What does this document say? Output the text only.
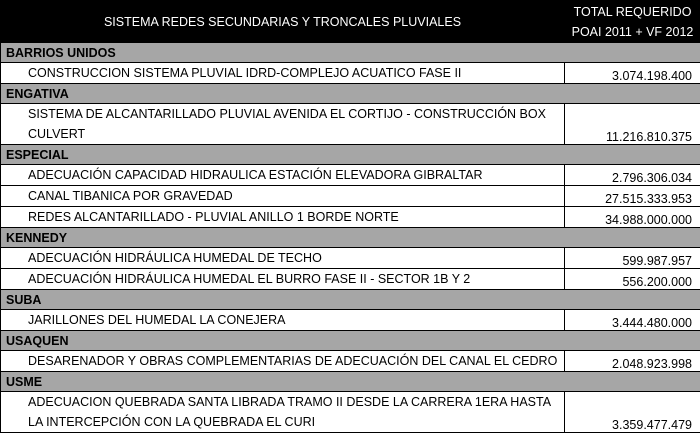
SISTEMA REDES SECUNDARIAS Y TRONCALES PLUVIALES	TOTAL REQUERIDO
POAI 2011 + VF 2012

BARRIOS UNIDOS	
CONSTRUCCION SISTEMA PLUVIAL IDRD-COMPLEJO ACUATICO FASE II	3.074.198.400
ENGATIVA	
SISTEMA DE ALCANTARILLADO PLUVIAL AVENIDA EL CORTIJO - CONSTRUCCIÓN BOX CULVERT	11.216.810.375
ESPECIAL	
ADECUACIÓN CAPACIDAD HIDRAULICA ESTACIÓN ELEVADORA GIBRALTAR	2.796.306.034
CANAL TIBANICA POR GRAVEDAD	27.515.333.953
REDES ALCANTARILLADO - PLUVIAL ANILLO 1 BORDE NORTE	34.988.000.000
KENNEDY	
ADECUACIÓN HIDRÁULICA HUMEDAL DE TECHO	599.987.957
ADECUACIÓN HIDRÁULICA HUMEDAL EL BURRO FASE II - SECTOR 1B Y 2	556.200.000
SUBA	
JARILLONES DEL HUMEDAL LA CONEJERA	3.444.480.000
USAQUEN	
DESARENADOR Y OBRAS COMPLEMENTARIAS DE ADECUACIÓN DEL CANAL EL CEDRO	2.048.923.998
USME	
ADECUACION QUEBRADA SANTA LIBRADA TRAMO II DESDE LA CARRERA 1ERA HASTA LA INTERCEPCIÓN CON LA QUEBRADA EL CURI	3.359.477.479
